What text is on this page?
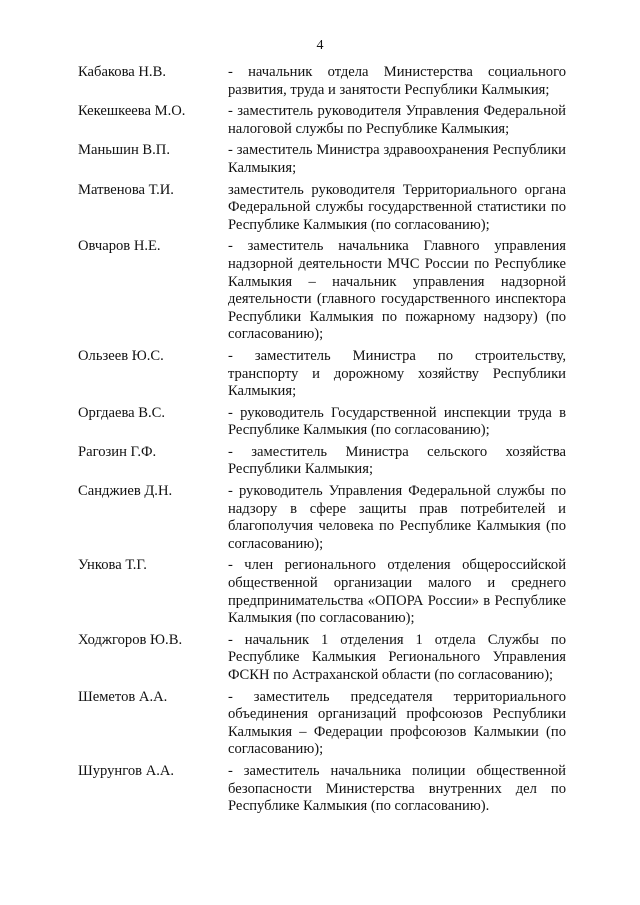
4
Кабакова Н.В.	- начальник отдела Министерства социального развития, труда и занятости Республики Калмыкия;
Кекешкеева М.О.	- заместитель руководителя Управления Федеральной налоговой службы по Республике Калмыкия;
Маньшин В.П.	- заместитель Министра здравоохранения Республики Калмыкия;
Матвенова Т.И.	заместитель руководителя Территориального органа Федеральной службы государственной статистики по Республике Калмыкия (по согласованию);
Овчаров Н.Е.	- заместитель начальника Главного управления надзорной деятельности МЧС России по Республике Калмыкия – начальник управления надзорной деятельности (главного государственного инспектора Республики Калмыкия по пожарному надзору) (по согласованию);
Ользеев Ю.С.	- заместитель Министра по строительству, транспорту и дорожному хозяйству Республики Калмыкия;
Оргдаева В.С.	- руководитель Государственной инспекции труда в Республике Калмыкия (по согласованию);
Рагозин Г.Ф.	- заместитель Министра сельского хозяйства Республики Калмыкия;
Санджиев Д.Н.	- руководитель Управления Федеральной службы по надзору в сфере защиты прав потребителей и благополучия человека по Республике Калмыкия (по согласованию);
Ункова Т.Г.	- член регионального отделения общероссийской общественной организации малого и среднего предпринимательства «ОПОРА России» в Республике Калмыкия (по согласованию);
Ходжгоров Ю.В.	- начальник 1 отделения 1 отдела Службы по Республике Калмыкия Регионального Управления ФСКН по Астраханской области (по согласованию);
Шеметов А.А.	- заместитель председателя территориального объединения организаций профсоюзов Республики Калмыкия – Федерации профсоюзов Калмыкии (по согласованию);
Шурунгов А.А.	- заместитель начальника полиции общественной безопасности Министерства внутренних дел по Республике Калмыкия (по согласованию).
